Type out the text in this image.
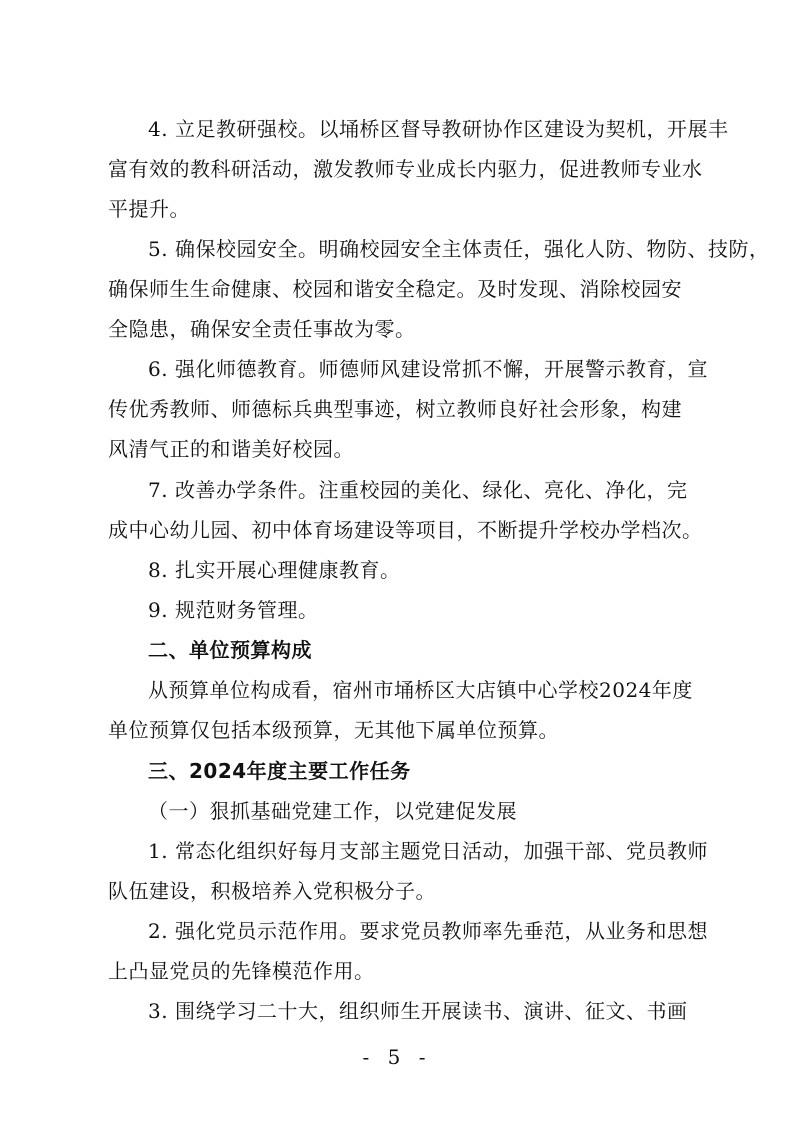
4. 立足教研强校。以埇桥区督导教研协作区建设为契机，开展丰
富有效的教科研活动，激发教师专业成长内驱力，促进教师专业水
平提升。
5. 确保校园安全。明确校园安全主体责任，强化人防、物防、技防，
确保师生生命健康、校园和谐安全稳定。及时发现、消除校园安
全隐患，确保安全责任事故为零。
6. 强化师德教育。师德师风建设常抓不懈，开展警示教育，宣
传优秀教师、师德标兵典型事迹，树立教师良好社会形象，构建
风清气正的和谐美好校园。
7. 改善办学条件。注重校园的美化、绿化、亮化、净化，完
成中心幼儿园、初中体育场建设等项目，不断提升学校办学档次。
8. 扎实开展心理健康教育。
9. 规范财务管理。
二、单位预算构成
从预算单位构成看，宿州市埇桥区大店镇中心学校2024年度
单位预算仅包括本级预算，无其他下属单位预算。
三、2024年度主要工作任务
（一）狠抓基础党建工作，以党建促发展
1. 常态化组织好每月支部主题党日活动，加强干部、党员教师
队伍建设，积极培养入党积极分子。
2. 强化党员示范作用。要求党员教师率先垂范，从业务和思想
上凸显党员的先锋模范作用。
3. 围绕学习二十大，组织师生开展读书、演讲、征文、书画
- 5 -
